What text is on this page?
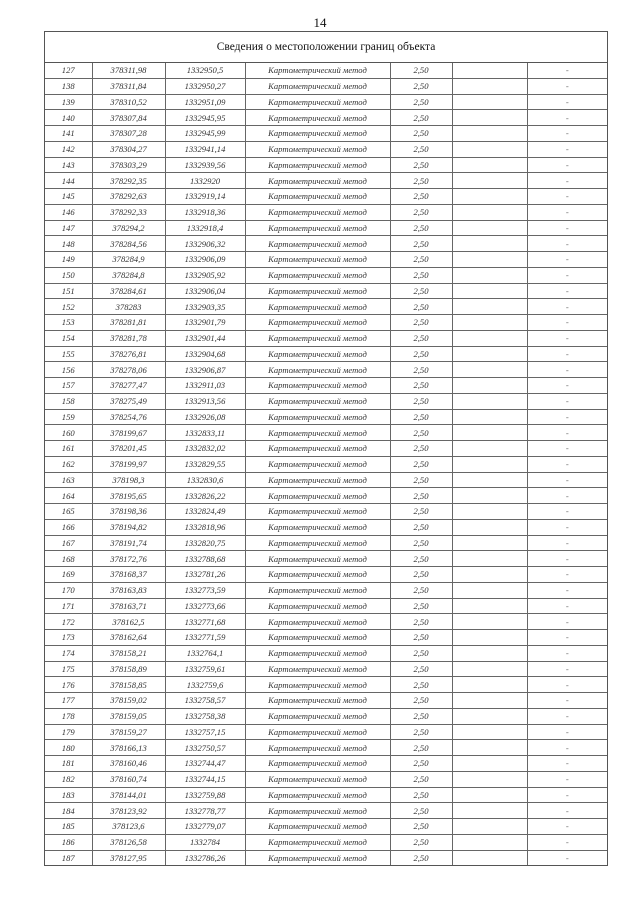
14
Сведения о местоположении границ объекта
127	378311,98	1332950,5	Картометрический метод	2,50		-
138	378311,84	1332950,27	Картометрический метод	2,50		-
139	378310,52	1332951,09	Картометрический метод	2,50		-
140	378307,84	1332945,95	Картометрический метод	2,50		-
141	378307,28	1332945,99	Картометрический метод	2,50		-
142	378304,27	1332941,14	Картометрический метод	2,50		-
143	378303,29	1332939,56	Картометрический метод	2,50		-
144	378292,35	1332920	Картометрический метод	2,50		-
145	378292,63	1332919,14	Картометрический метод	2,50		-
146	378292,33	1332918,36	Картометрический метод	2,50		-
147	378294,2	1332918,4	Картометрический метод	2,50		-
148	378284,56	1332906,32	Картометрический метод	2,50		-
149	378284,9	1332906,09	Картометрический метод	2,50		-
150	378284,8	1332905,92	Картометрический метод	2,50		-
151	378284,61	1332906,04	Картометрический метод	2,50		-
152	378283	1332903,35	Картометрический метод	2,50		-
153	378281,81	1332901,79	Картометрический метод	2,50		-
154	378281,78	1332901,44	Картометрический метод	2,50		-
155	378276,81	1332904,68	Картометрический метод	2,50		-
156	378278,06	1332906,87	Картометрический метод	2,50		-
157	378277,47	1332911,03	Картометрический метод	2,50		-
158	378275,49	1332913,56	Картометрический метод	2,50		-
159	378254,76	1332926,08	Картометрический метод	2,50		-
160	378199,67	1332833,11	Картометрический метод	2,50		-
161	378201,45	1332832,02	Картометрический метод	2,50		-
162	378199,97	1332829,55	Картометрический метод	2,50		-
163	378198,3	1332830,6	Картометрический метод	2,50		-
164	378195,65	1332826,22	Картометрический метод	2,50		-
165	378198,36	1332824,49	Картометрический метод	2,50		-
166	378194,82	1332818,96	Картометрический метод	2,50		-
167	378191,74	1332820,75	Картометрический метод	2,50		-
168	378172,76	1332788,68	Картометрический метод	2,50		-
169	378168,37	1332781,26	Картометрический метод	2,50		-
170	378163,83	1332773,59	Картометрический метод	2,50		-
171	378163,71	1332773,66	Картометрический метод	2,50		-
172	378162,5	1332771,68	Картометрический метод	2,50		-
173	378162,64	1332771,59	Картометрический метод	2,50		-
174	378158,21	1332764,1	Картометрический метод	2,50		-
175	378158,89	1332759,61	Картометрический метод	2,50		-
176	378158,85	1332759,6	Картометрический метод	2,50		-
177	378159,02	1332758,57	Картометрический метод	2,50		-
178	378159,05	1332758,38	Картометрический метод	2,50		-
179	378159,27	1332757,15	Картометрический метод	2,50		-
180	378166,13	1332750,57	Картометрический метод	2,50		-
181	378160,46	1332744,47	Картометрический метод	2,50		-
182	378160,74	1332744,15	Картометрический метод	2,50		-
183	378144,01	1332759,88	Картометрический метод	2,50		-
184	378123,92	1332778,77	Картометрический метод	2,50		-
185	378123,6	1332779,07	Картометрический метод	2,50		-
186	378126,58	1332784	Картометрический метод	2,50		-
187	378127,95	1332786,26	Картометрический метод	2,50		-
